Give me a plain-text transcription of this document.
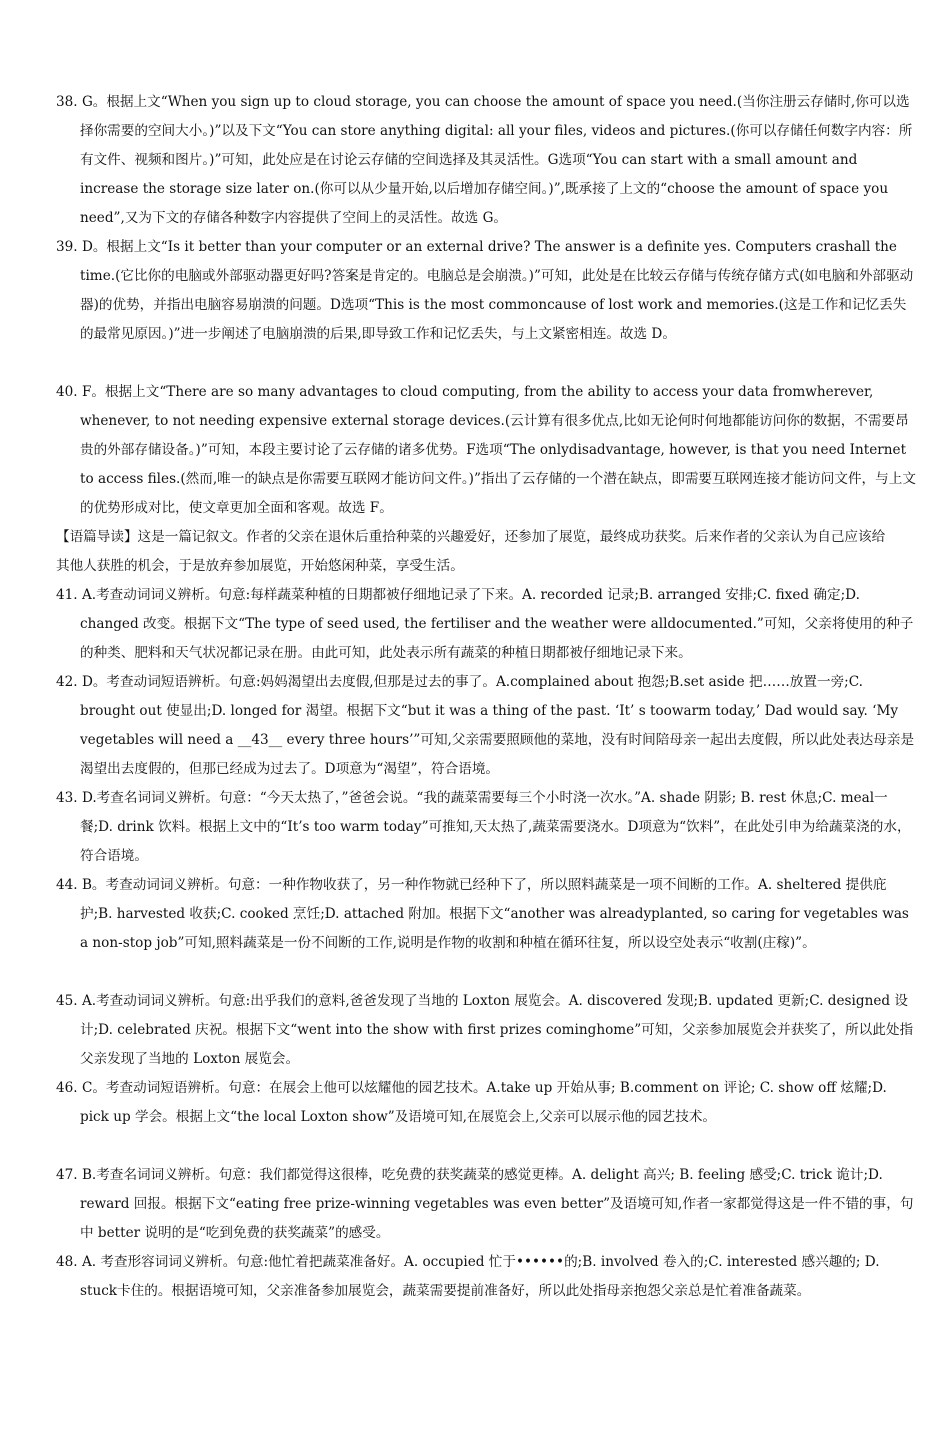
38. G。根据上文“When you sign up to cloud storage, you can choose the amount of space you need.(当你注册云存储时,你可以选择你需要的空间大小。)”以及下文“You can store anything digital: all your files, videos and pictures.(你可以存储任何数字内容：所有文件、视频和图片。)”可知，此处应是在讨论云存储的空间选择及其灵活性。G选项“You can start with a small amount and increase the storage size later on.(你可以从少量开始,以后增加存储空间。)”,既承接了上文的“choose the amount of space you need”,又为下文的存储各种数字内容提供了空间上的灵活性。故选 G。
39. D。根据上文“Is it better than your computer or an external drive? The answer is a definite yes. Computers crashall the time.(它比你的电脑或外部驱动器更好吗?答案是肯定的。电脑总是会崩溃。)”可知，此处是在比较云存储与传统存储方式(如电脑和外部驱动器)的优势，并指出电脑容易崩溃的问题。D选项“This is the most commoncause of lost work and memories.(这是工作和记忆丢失的最常见原因。)”进一步阐述了电脑崩溃的后果,即导致工作和记忆丢失，与上文紧密相连。故选 D。
40. F。根据上文“There are so many advantages to cloud computing, from the ability to access your data fromwherever, whenever, to not needing expensive external storage devices.(云计算有很多优点,比如无论何时何地都能访问你的数据，不需要昂贵的外部存储设备。)”可知，本段主要讨论了云存储的诸多优势。F选项“The onlydisadvantage, however, is that you need Internet to access files.(然而,唯一的缺点是你需要互联网才能访问文件。)”指出了云存储的一个潜在缺点，即需要互联网连接才能访问文件，与上文的优势形成对比，使文章更加全面和客观。故选 F。
【语篇导读】这是一篇记叙文。作者的父亲在退休后重拾种菜的兴趣爱好，还参加了展览，最终成功获奖。后来作者的父亲认为自己应该给其他人获胜的机会，于是放弃参加展览，开始悠闲种菜，享受生活。
41. A.考查动词词义辨析。句意:每样蔬菜种植的日期都被仔细地记录了下来。A. recorded 记录;B. arranged 安排;C. fixed 确定;D. changed 改变。根据下文“The type of seed used, the fertiliser and the weather were alldocumented.”可知，父亲将使用的种子的种类、肥料和天气状况都记录在册。由此可知，此处表示所有蔬菜的种植日期都被仔细地记录下来。
42. D。考查动词短语辨析。句意:妈妈渴望出去度假,但那是过去的事了。A.complained about 抱怨;B.set aside 把……放置一旁;C. brought out 使显出;D. longed for 渴望。根据下文“but it was a thing of the past. ‘It’ s toowarm today,’ Dad would say. ‘My vegetables will need a __43__ every three hours’”可知,父亲需要照顾他的菜地，没有时间陪母亲一起出去度假，所以此处表达母亲是渴望出去度假的，但那已经成为过去了。D项意为“渴望”，符合语境。
43. D.考查名词词义辨析。句意：“今天太热了，”爸爸会说。“我的蔬菜需要每三个小时浇一次水。”A. shade 阴影; B. rest 休息;C. meal一餐;D. drink 饮料。根据上文中的“It’s too warm today”可推知,天太热了,蔬菜需要浇水。D项意为“饮料”，在此处引申为给蔬菜浇的水，符合语境。
44. B。考查动词词义辨析。句意：一种作物收获了，另一种作物就已经种下了，所以照料蔬菜是一项不间断的工作。A. sheltered 提供庇护;B. harvested 收获;C. cooked 烹饪;D. attached 附加。根据下文“another was alreadyplanted, so caring for vegetables was a non-stop job”可知,照料蔬菜是一份不间断的工作,说明是作物的收割和种植在循环往复，所以设空处表示“收割(庄稼)”。
45. A.考查动词词义辨析。句意:出乎我们的意料,爸爸发现了当地的 Loxton 展览会。A. discovered 发现;B. updated 更新;C. designed 设计;D. celebrated 庆祝。根据下文“went into the show with first prizes cominghome”可知，父亲参加展览会并获奖了，所以此处指父亲发现了当地的 Loxton 展览会。
46. C。考查动词短语辨析。句意：在展会上他可以炫耀他的园艺技术。A.take up 开始从事; B.comment on 评论; C. show off 炫耀;D. pick up 学会。根据上文“the local Loxton show”及语境可知,在展览会上,父亲可以展示他的园艺技术。
47. B.考查名词词义辨析。句意：我们都觉得这很棒，吃免费的获奖蔬菜的感觉更棒。A. delight 高兴; B. feeling 感受;C. trick 诡计;D. reward 回报。根据下文“eating free prize-winning vegetables was even better”及语境可知,作者一家都觉得这是一件不错的事，句中 better 说明的是“吃到免费的获奖蔬菜”的感受。
48. A. 考查形容词词义辨析。句意:他忙着把蔬菜准备好。A. occupied 忙于••••••的;B. involved 卷入的;C. interested 感兴趣的; D. stuck卡住的。根据语境可知，父亲准备参加展览会，蔬菜需要提前准备好，所以此处指母亲抱怨父亲总是忙着准备蔬菜。
